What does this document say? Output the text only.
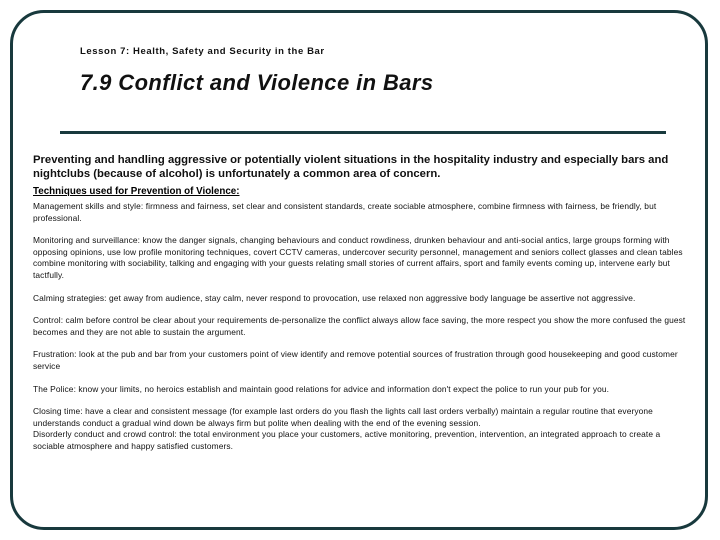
Lesson 7: Health, Safety and Security in the Bar
7.9 Conflict and Violence in Bars

Preventing and handling aggressive or potentially violent situations in the hospitality industry and especially bars and nightclubs (because of alcohol) is unfortunately a common area of concern.

Techniques used for Prevention of Violence:

Management skills and style: firmness and fairness, set clear and consistent standards, create sociable atmosphere, combine firmness with fairness, be friendly, but professional.

Monitoring and surveillance: know the danger signals, changing behaviours and conduct rowdiness, drunken behaviour and anti-social antics, large groups forming with opposing opinions, use low profile monitoring techniques, covert CCTV cameras, undercover security personnel, management and seniors collect glasses and clean tables combine monitoring with sociability, talking and engaging with your guests relating small stories of current affairs, sport and family events coming up, intervene early but tactfully.

Calming strategies: get away from audience, stay calm, never respond to provocation, use relaxed non aggressive body language be assertive not aggressive.

Control: calm before control be clear about your requirements de-personalize the conflict always allow face saving, the more respect you show the more confused the guest becomes and they are not able to sustain the argument.

Frustration: look at the pub and bar from your customers point of view identify and remove potential sources of frustration through good housekeeping and good customer service

The Police: know your limits, no heroics establish and maintain good relations for advice and information don't expect the police to run your pub for you.

Closing time: have a clear and consistent message (for example last orders do you flash the lights call last orders verbally) maintain a regular routine that everyone understands conduct a gradual wind down be always firm but polite when dealing with the end of the evening session.

Disorderly conduct and crowd control: the total environment you place your customers, active monitoring, prevention, intervention, an integrated approach to create a sociable atmosphere and happy satisfied customers.
